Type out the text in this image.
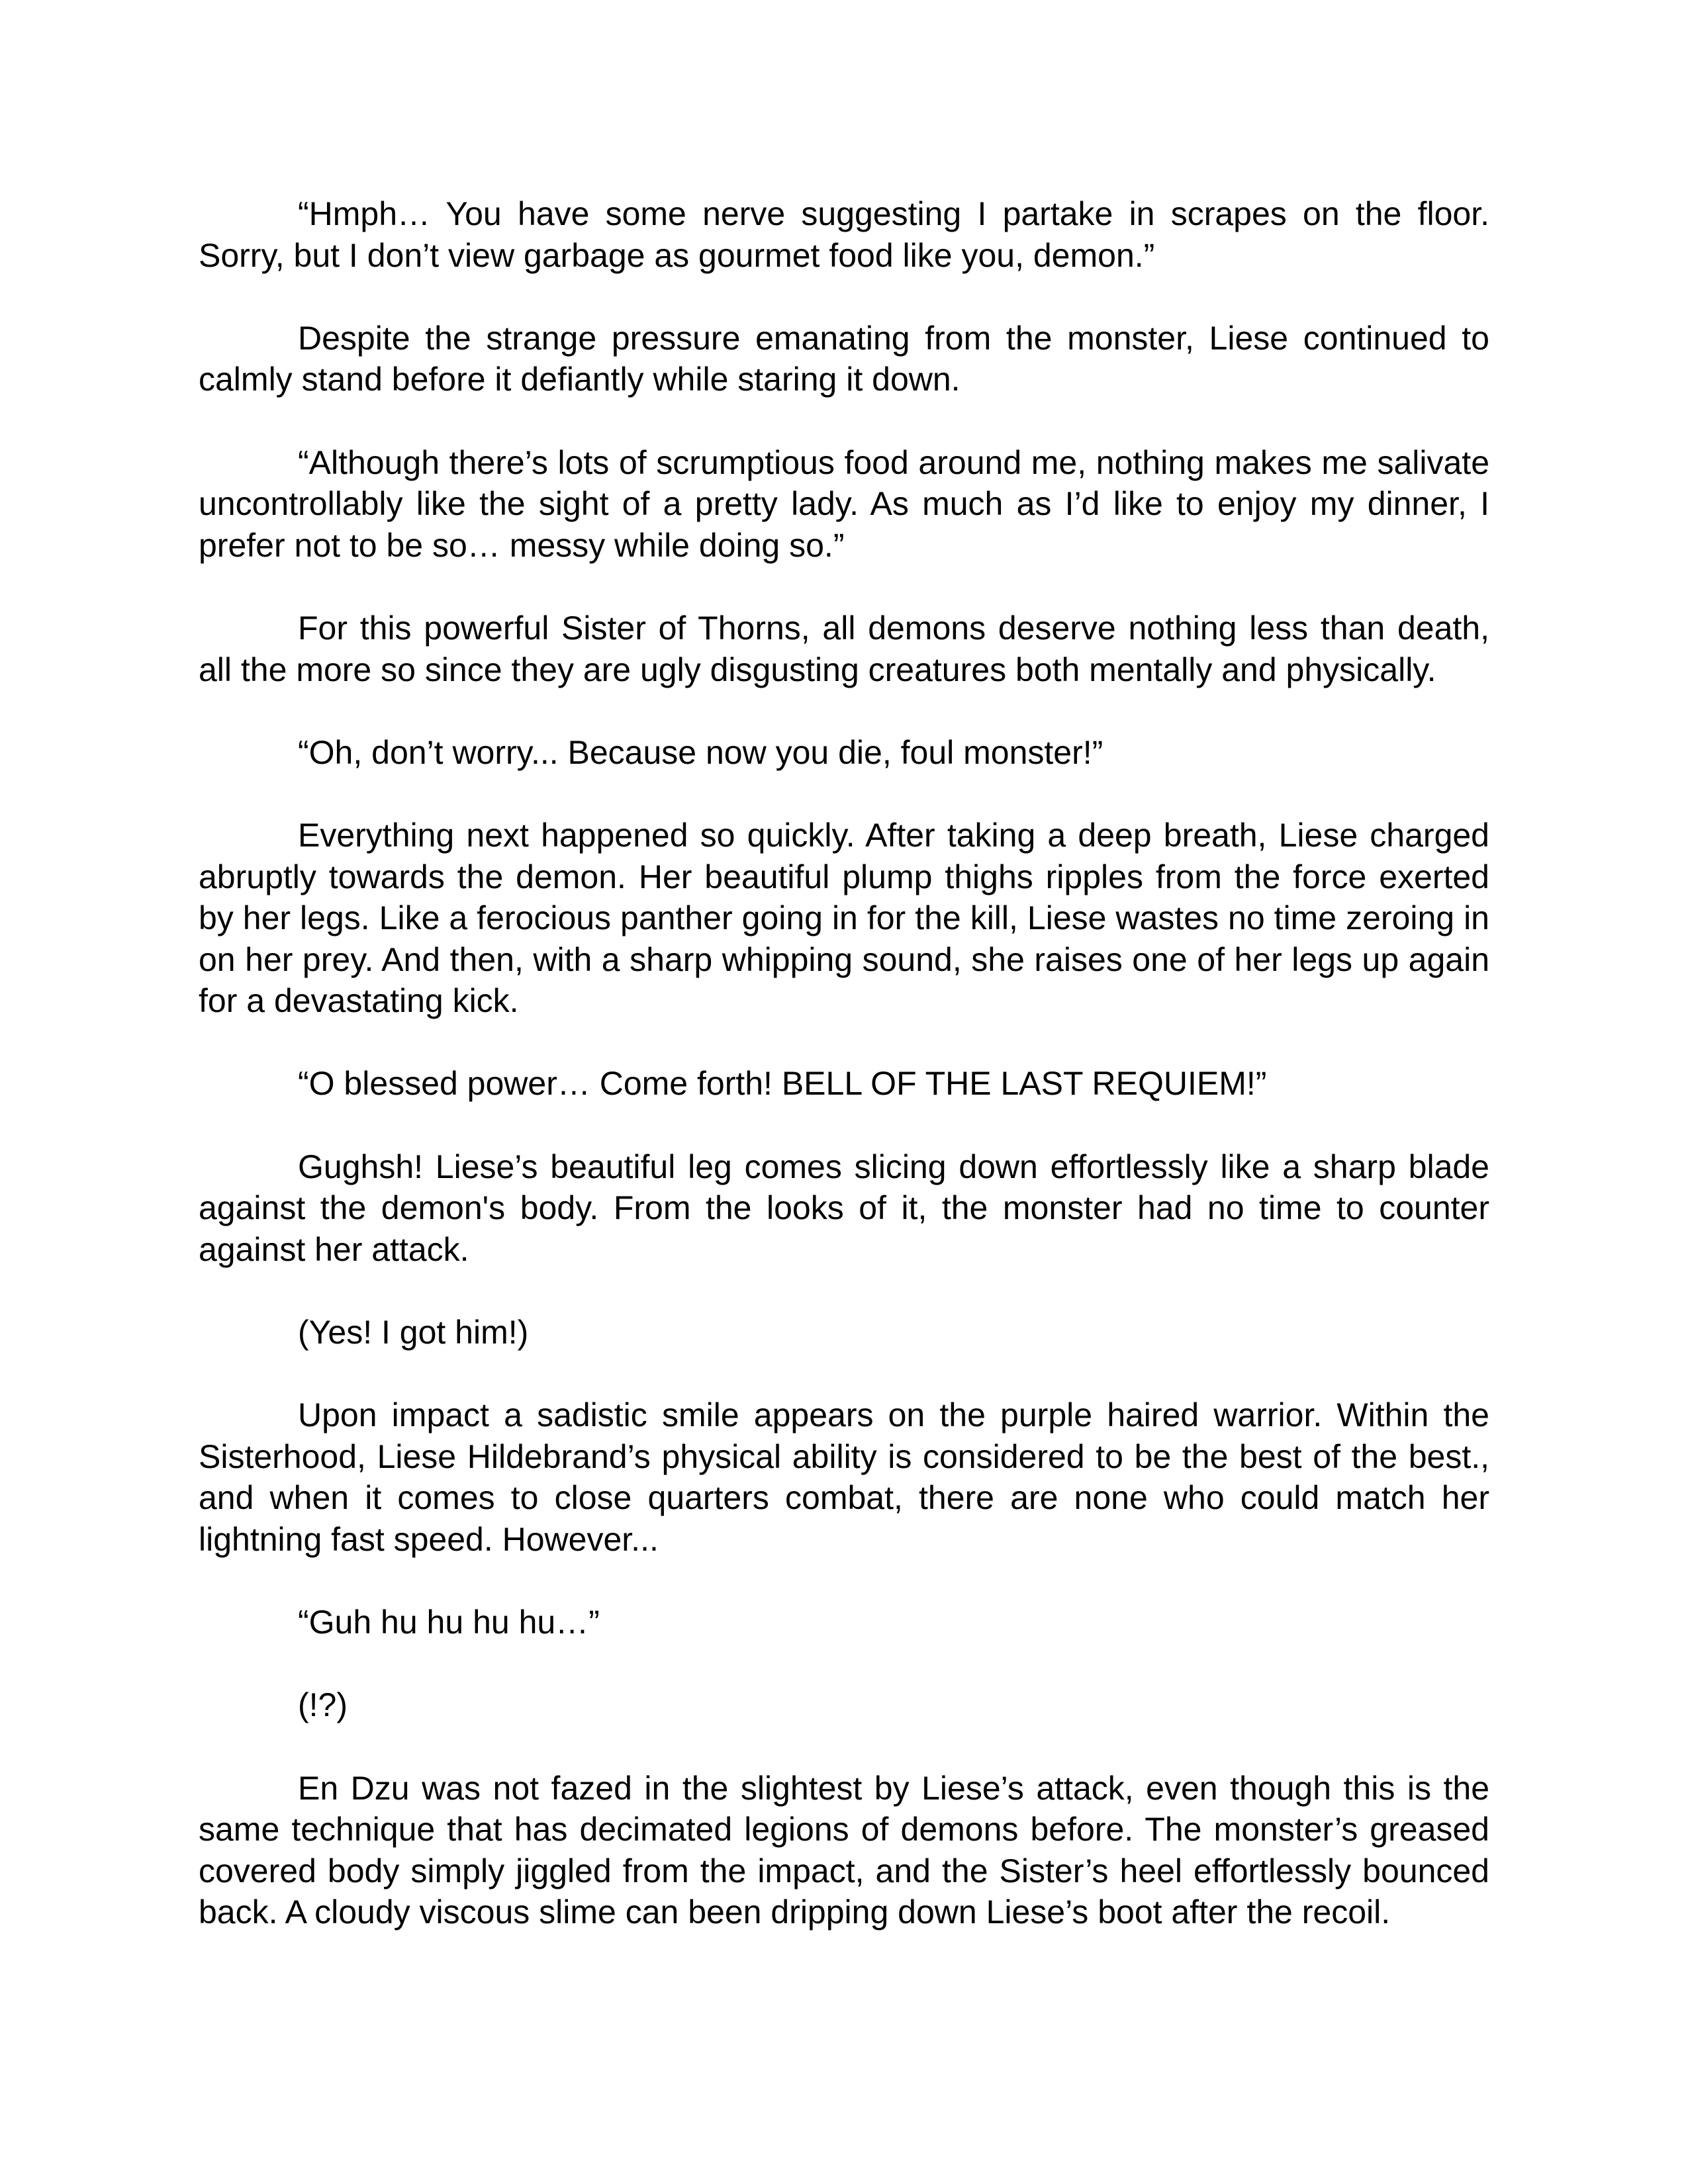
“Hmph… You have some nerve suggesting I partake in scrapes on the floor. Sorry, but I don’t view garbage as gourmet food like you, demon.”

Despite the strange pressure emanating from the monster, Liese continued to calmly stand before it defiantly while staring it down.

“Although there’s lots of scrumptious food around me, nothing makes me salivate uncontrollably like the sight of a pretty lady. As much as I’d like to enjoy my dinner, I prefer not to be so… messy while doing so.”

For this powerful Sister of Thorns, all demons deserve nothing less than death, all the more so since they are ugly disgusting creatures both mentally and physically.

“Oh, don’t worry... Because now you die, foul monster!”

Everything next happened so quickly. After taking a deep breath, Liese charged abruptly towards the demon. Her beautiful plump thighs ripples from the force exerted by her legs. Like a ferocious panther going in for the kill, Liese wastes no time zeroing in on her prey. And then, with a sharp whipping sound, she raises one of her legs up again for a devastating kick.

“O blessed power… Come forth! BELL OF THE LAST REQUIEM!”

Gughsh! Liese’s beautiful leg comes slicing down effortlessly like a sharp blade against the demon's body. From the looks of it, the monster had no time to counter against her attack.

(Yes! I got him!)

Upon impact a sadistic smile appears on the purple haired warrior. Within the Sisterhood, Liese Hildebrand’s physical ability is considered to be the best of the best., and when it comes to close quarters combat, there are none who could match her lightning fast speed. However...

“Guh hu hu hu hu…”

(!?)

En Dzu was not fazed in the slightest by Liese’s attack, even though this is the same technique that has decimated legions of demons before. The monster’s greased covered body simply jiggled from the impact, and the Sister’s heel effortlessly bounced back. A cloudy viscous slime can been dripping down Liese’s boot after the recoil.
